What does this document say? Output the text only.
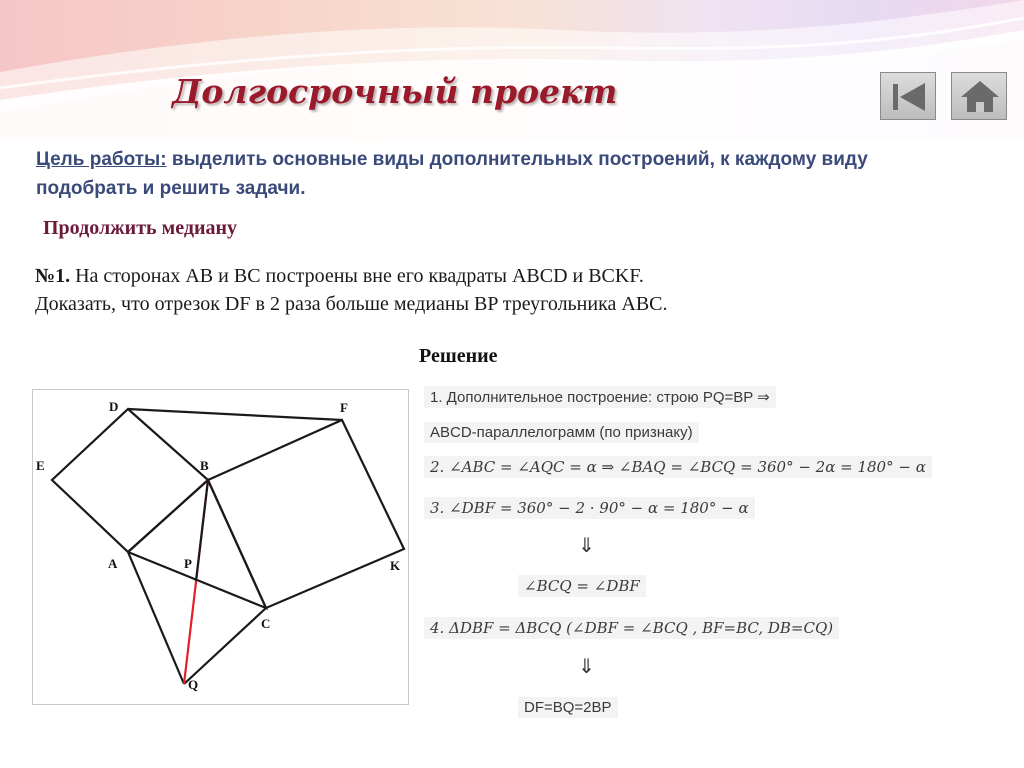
Долгосрочный проект

Цель работы: выделить основные виды дополнительных построений, к каждому виду подобрать и решить задачи.

Продолжить медиану

№1. На сторонах AB и BC построены вне его квадраты ABCD и BCKF.
Доказать, что отрезок DF в 2 раза больше медианы BP треугольника ABC.

Решение

D	F
E	B
A	P	K
C
Q

1. Дополнительное построение: строю PQ=BP ⇒

ABCD-параллелограмм (по признаку)

2. ∠ABC = ∠AQC = α ⇒ ∠BAQ = ∠BCQ = 360° − 2α = 180° − α

3. ∠DBF = 360° − 2 · 90° − α = 180° − α

⇓

∠BCQ = ∠DBF

4. ΔDBF = ΔBCQ (∠DBF = ∠BCQ , BF=BC, DB=CQ)

⇓

DF=BQ=2BP
